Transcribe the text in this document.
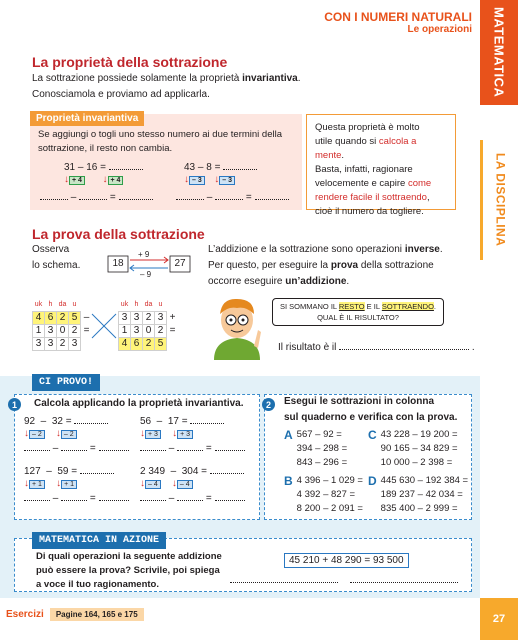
MATEMATICA
LA DISCIPLINA
27
CON I NUMERI NATURALI
Le operazioni
La proprietà della sottrazione
La sottrazione possiede solamente la proprietà invariantiva.
Conosciamola e proviamo ad applicarla.
Proprietà invariantiva
Se aggiungi o togli uno stesso numero ai due termini della
sottrazione, il resto non cambia.
31 – 16 =
↓ + 4 ↓ + 4
–	=
43 – 8 =
↓ – 3 ↓ – 3
–	=
Questa proprietà è molto
utile quando si calcola a mente.
Basta, infatti, ragionare
velocemente e capire come
rendere facile il sottraendo,
cioè il numero da togliere.
La prova della sottrazione
Osserva
lo schema.	18	27
+ 9
– 9
L’addizione e la sottrazione sono operazioni inverse.
Per questo, per eseguire la prova della sottrazione
occorre eseguire un’addizione.
uk	h	da	u	
4	6	2	5	–
1	3	0	2	=
3	3	2	3	
uk	h	da	u	
3	3	2	3	+
1	3	0	2	=
4	6	2	5	
SI SOMMANO IL RESTO E IL SOTTRAENDO.
QUAL È IL RISULTATO?
Il risultato è il	.
CI PROVO!
1	Calcola applicando la proprietà invariantiva.
92  –  32 =
↓ – 2 ↓ – 2
–	=
56  –  17 =
↓ + 3 ↓ + 3
–	=
127  –  59 =
↓ + 1 ↓ + 1
–	=
2 349  –  304 =
↓ – 4 ↓ – 4
–	=
2	Esegui le sottrazioni in colonna
sul quaderno e verifica con la prova.
A 567 – 92 =
394 – 298 =
843 – 296 =
B 4 396 – 1 029 =
4 392 – 827 =
8 200 – 2 091 =
C 43 228 – 19 200 =
90 165 – 34 829 =
10 000 – 2 398 =
D 445 630 – 192 384 =
189 237 – 42 034 =
835 400 – 2 999 =
MATEMATICA IN AZIONE
Di quali operazioni la seguente addizione
può essere la prova? Scrivile, poi spiega
a voce il tuo ragionamento.
45 210 + 48 290 = 93 500
Esercizi	Pagine 164, 165 e 175
